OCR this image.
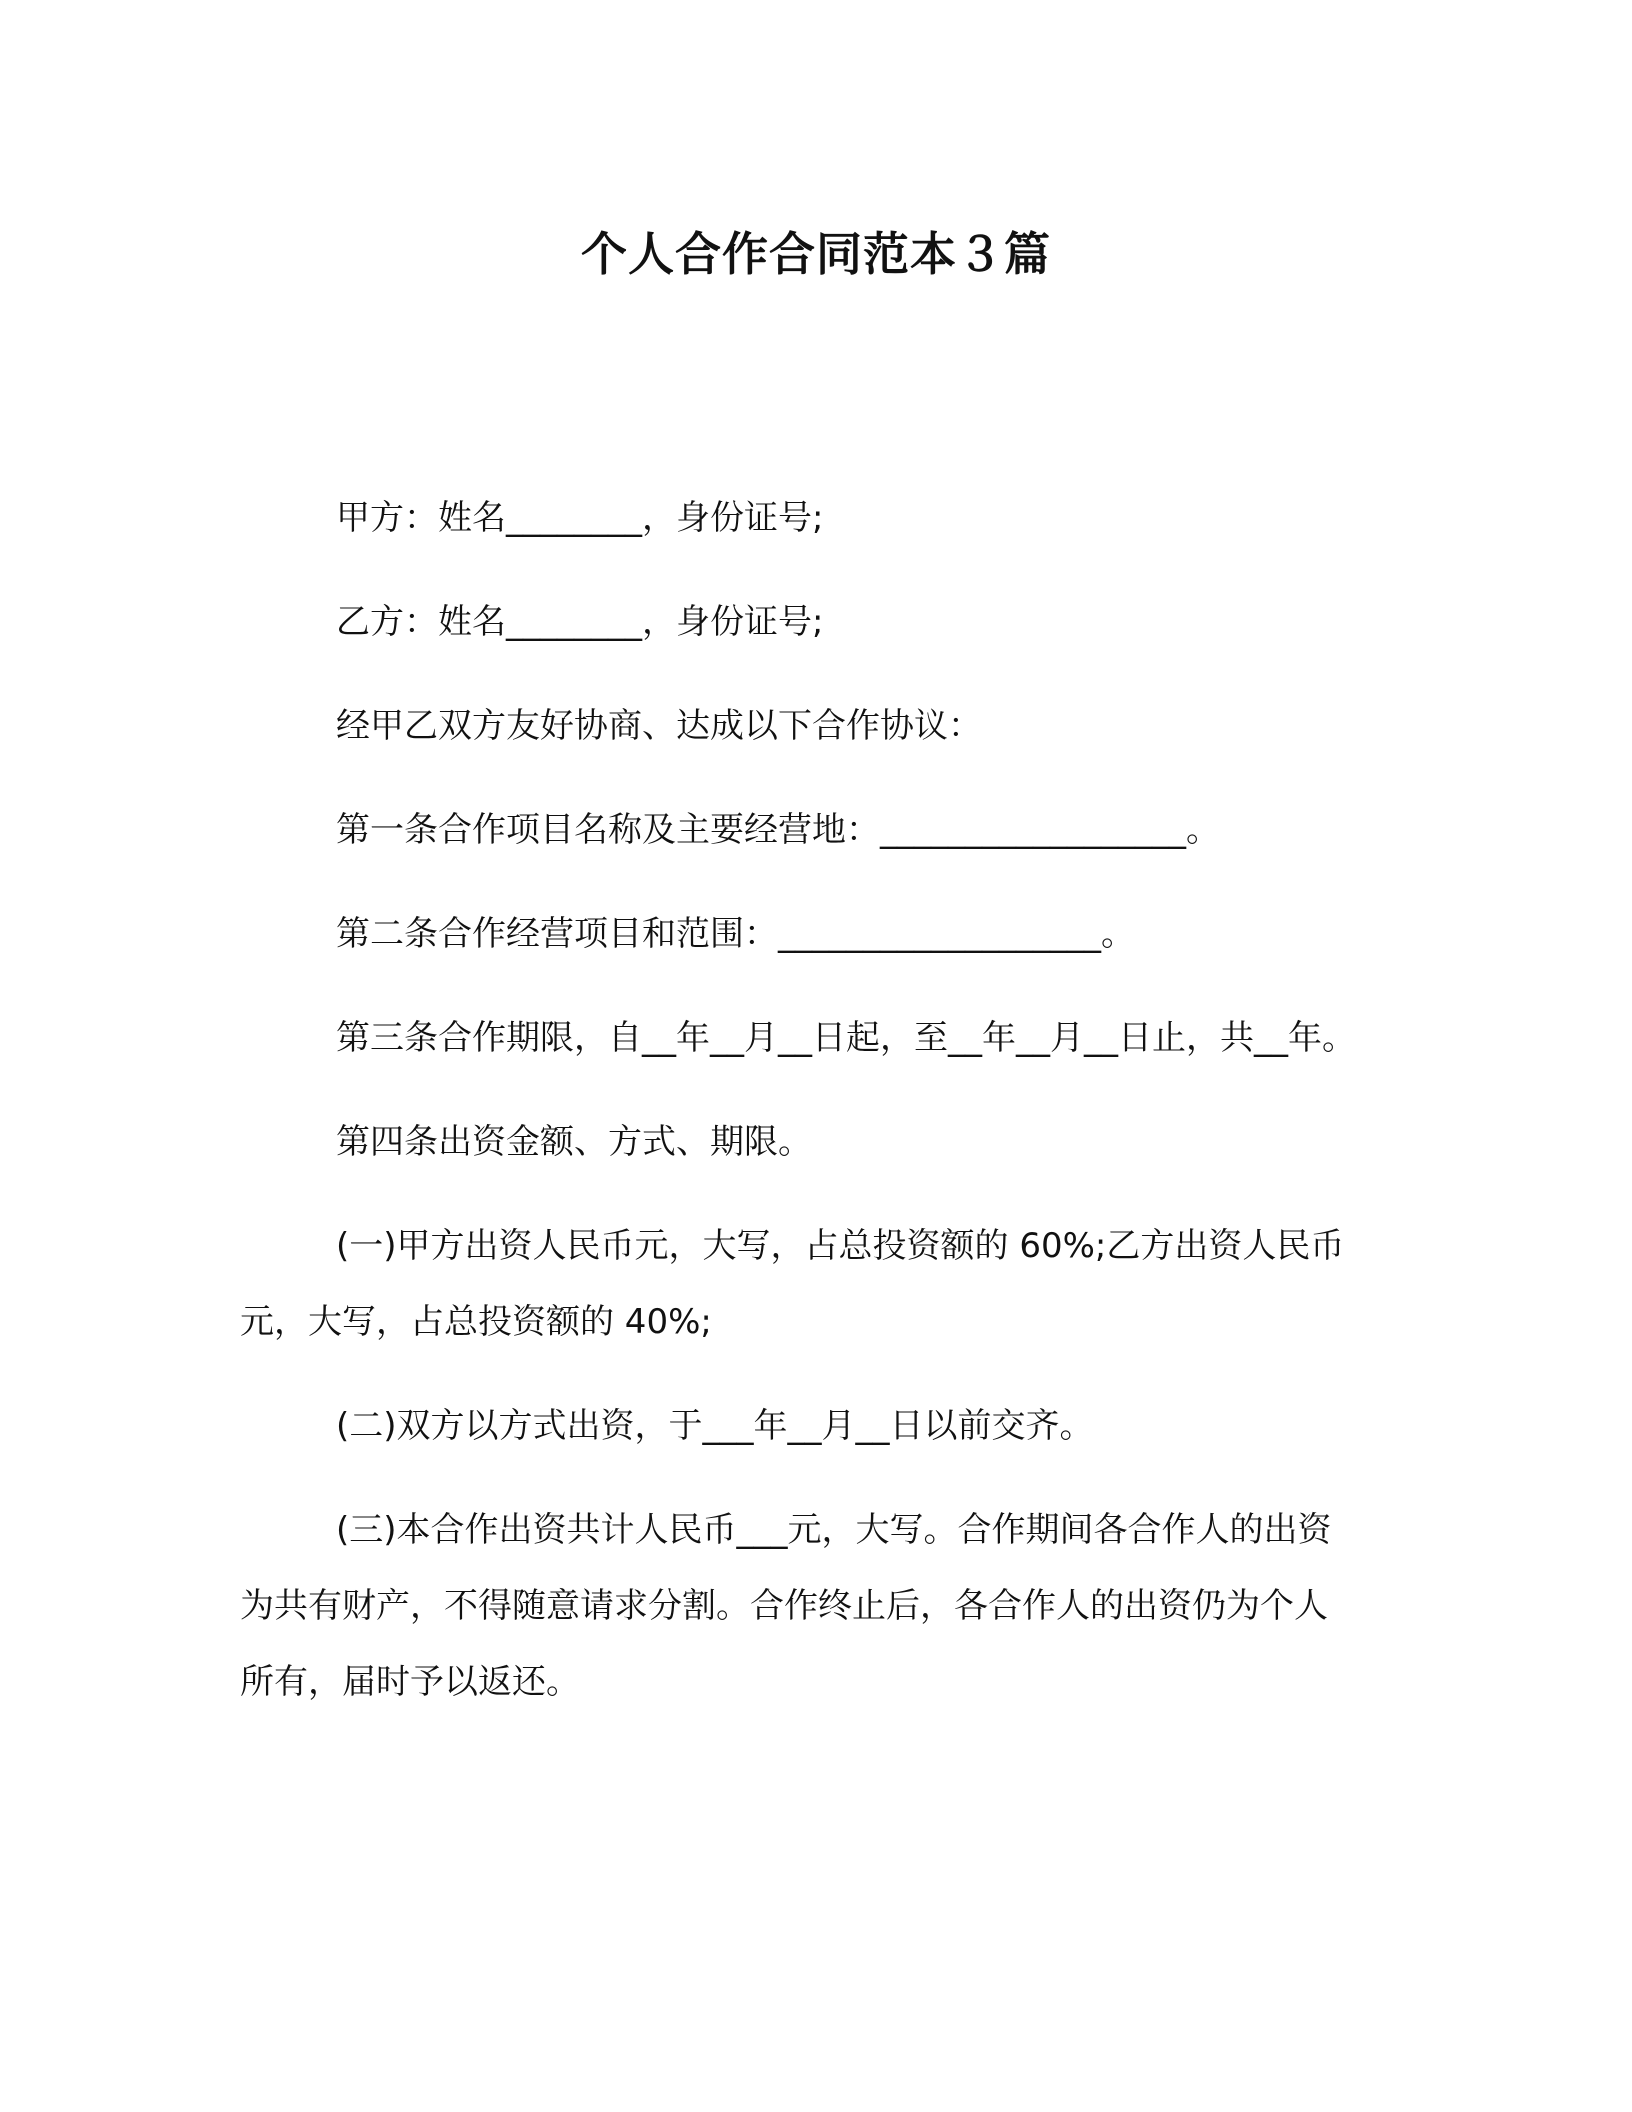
个人合作合同范本３篇

甲方：姓名________，身份证号;

乙方：姓名________，身份证号;

经甲乙双方友好协商、达成以下合作协议：

第一条合作项目名称及主要经营地：__________________。

第二条合作经营项目和范围：___________________。

第三条合作期限，自__年__月__日起，至__年__月__日止，共__年。

第四条出资金额、方式、期限。

(一)甲方出资人民币元，大写，占总投资额的 60%;乙方出资人民币元，大写，占总投资额的 40%;

(二)双方以方式出资，于___年__月__日以前交齐。

(三)本合作出资共计人民币___元，大写。合作期间各合作人的出资为共有财产，不得随意请求分割。合作终止后，各合作人的出资仍为个人所有，届时予以返还。
